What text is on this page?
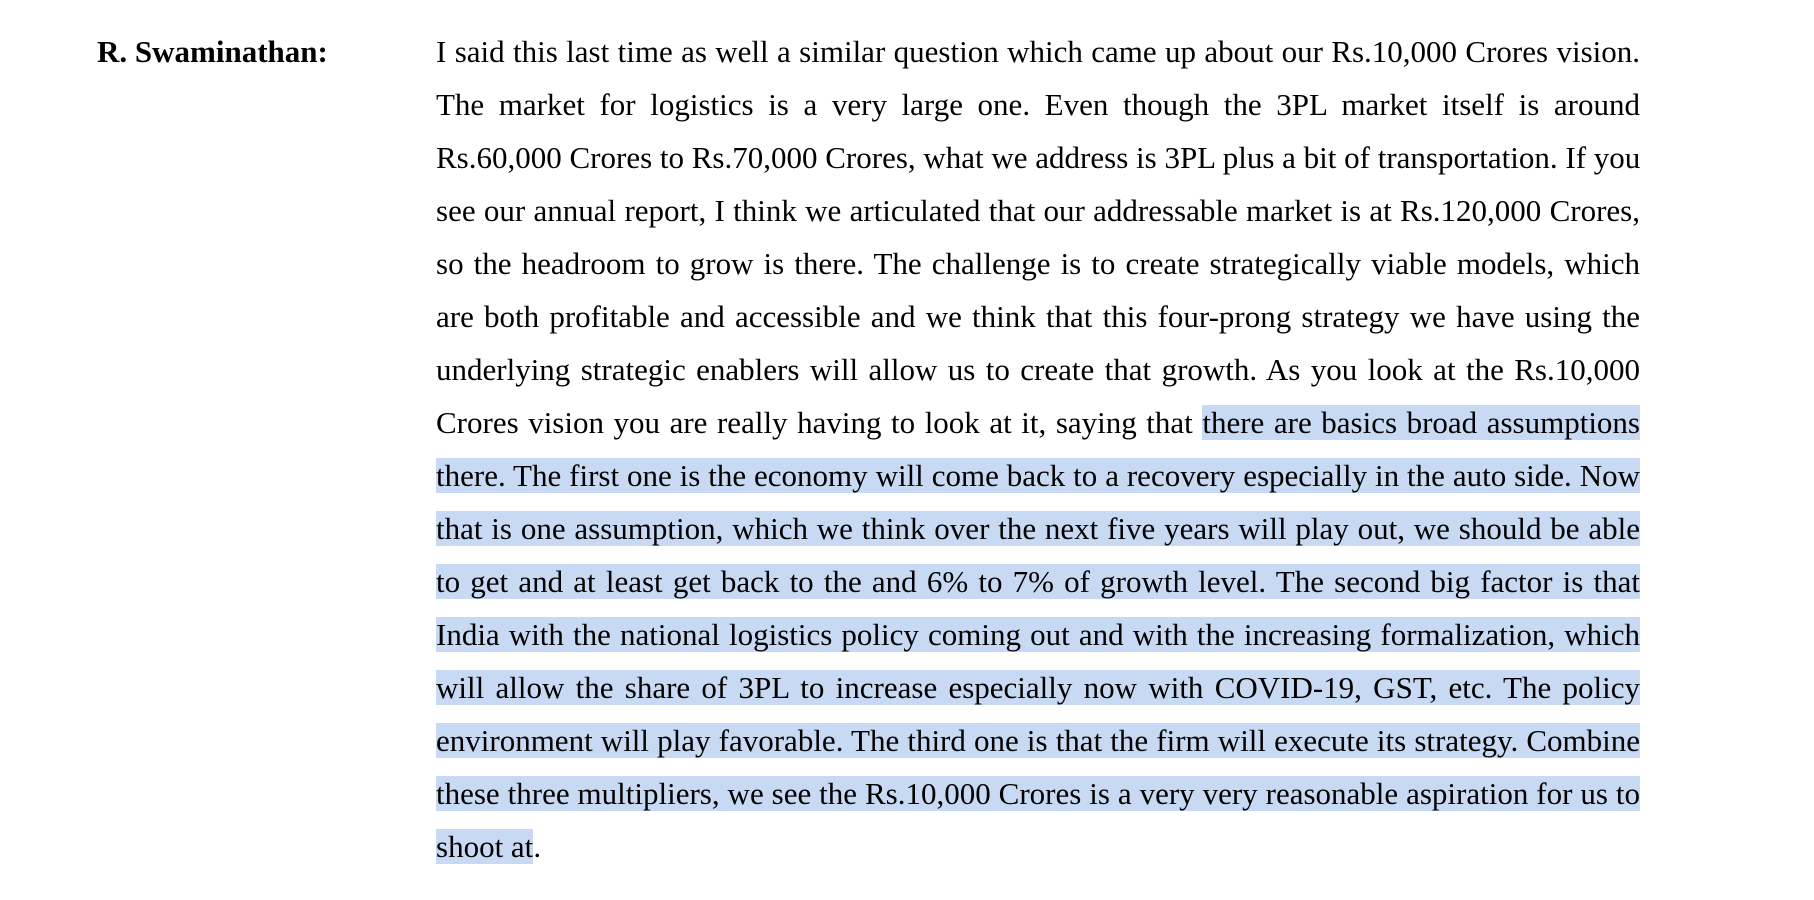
R. Swaminathan:	I said this last time as well a similar question which came up about our Rs.10,000 Crores vision.
The market for logistics is a very large one. Even though the 3PL market itself is around
Rs.60,000 Crores to Rs.70,000 Crores, what we address is 3PL plus a bit of transportation. If you
see our annual report, I think we articulated that our addressable market is at Rs.120,000 Crores,
so the headroom to grow is there. The challenge is to create strategically viable models, which
are both profitable and accessible and we think that this four-prong strategy we have using the
underlying strategic enablers will allow us to create that growth. As you look at the Rs.10,000
Crores vision you are really having to look at it, saying that there are basics broad assumptions
there. The first one is the economy will come back to a recovery especially in the auto side. Now
that is one assumption, which we think over the next five years will play out, we should be able
to get and at least get back to the and 6% to 7% of growth level. The second big factor is that
India with the national logistics policy coming out and with the increasing formalization, which
will allow the share of 3PL to increase especially now with COVID-19, GST, etc. The policy
environment will play favorable. The third one is that the firm will execute its strategy. Combine
these three multipliers, we see the Rs.10,000 Crores is a very very reasonable aspiration for us to
shoot at.
